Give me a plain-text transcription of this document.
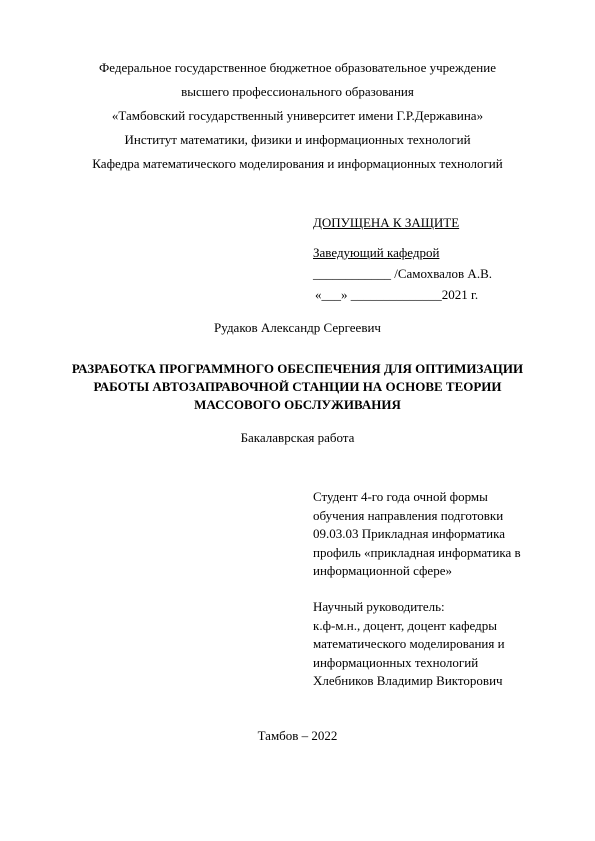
Федеральное государственное бюджетное образовательное учреждение
высшего профессионального образования
«Тамбовский государственный университет имени Г.Р.Державина»
Институт математики, физики и информационных технологий
Кафедра математического моделирования и информационных технологий
ДОПУЩЕНА К ЗАЩИТЕ
Заведующий кафедрой
____________ /Самохвалов А.В.
«___» ______________2021 г.
Рудаков Александр Сергеевич
РАЗРАБОТКА ПРОГРАММНОГО ОБЕСПЕЧЕНИЯ ДЛЯ ОПТИМИЗАЦИИ РАБОТЫ АВТОЗАПРАВОЧНОЙ СТАНЦИИ НА ОСНОВЕ ТЕОРИИ МАССОВОГО ОБСЛУЖИВАНИЯ
Бакалаврская работа
Студент 4-го года очной формы
обучения направления подготовки
09.03.03 Прикладная информатика
профиль «прикладная информатика в
информационной сфере»
Научный руководитель:
к.ф-м.н., доцент, доцент кафедры
математического моделирования и
информационных технологий
Хлебников Владимир Викторович
Тамбов – 2022
